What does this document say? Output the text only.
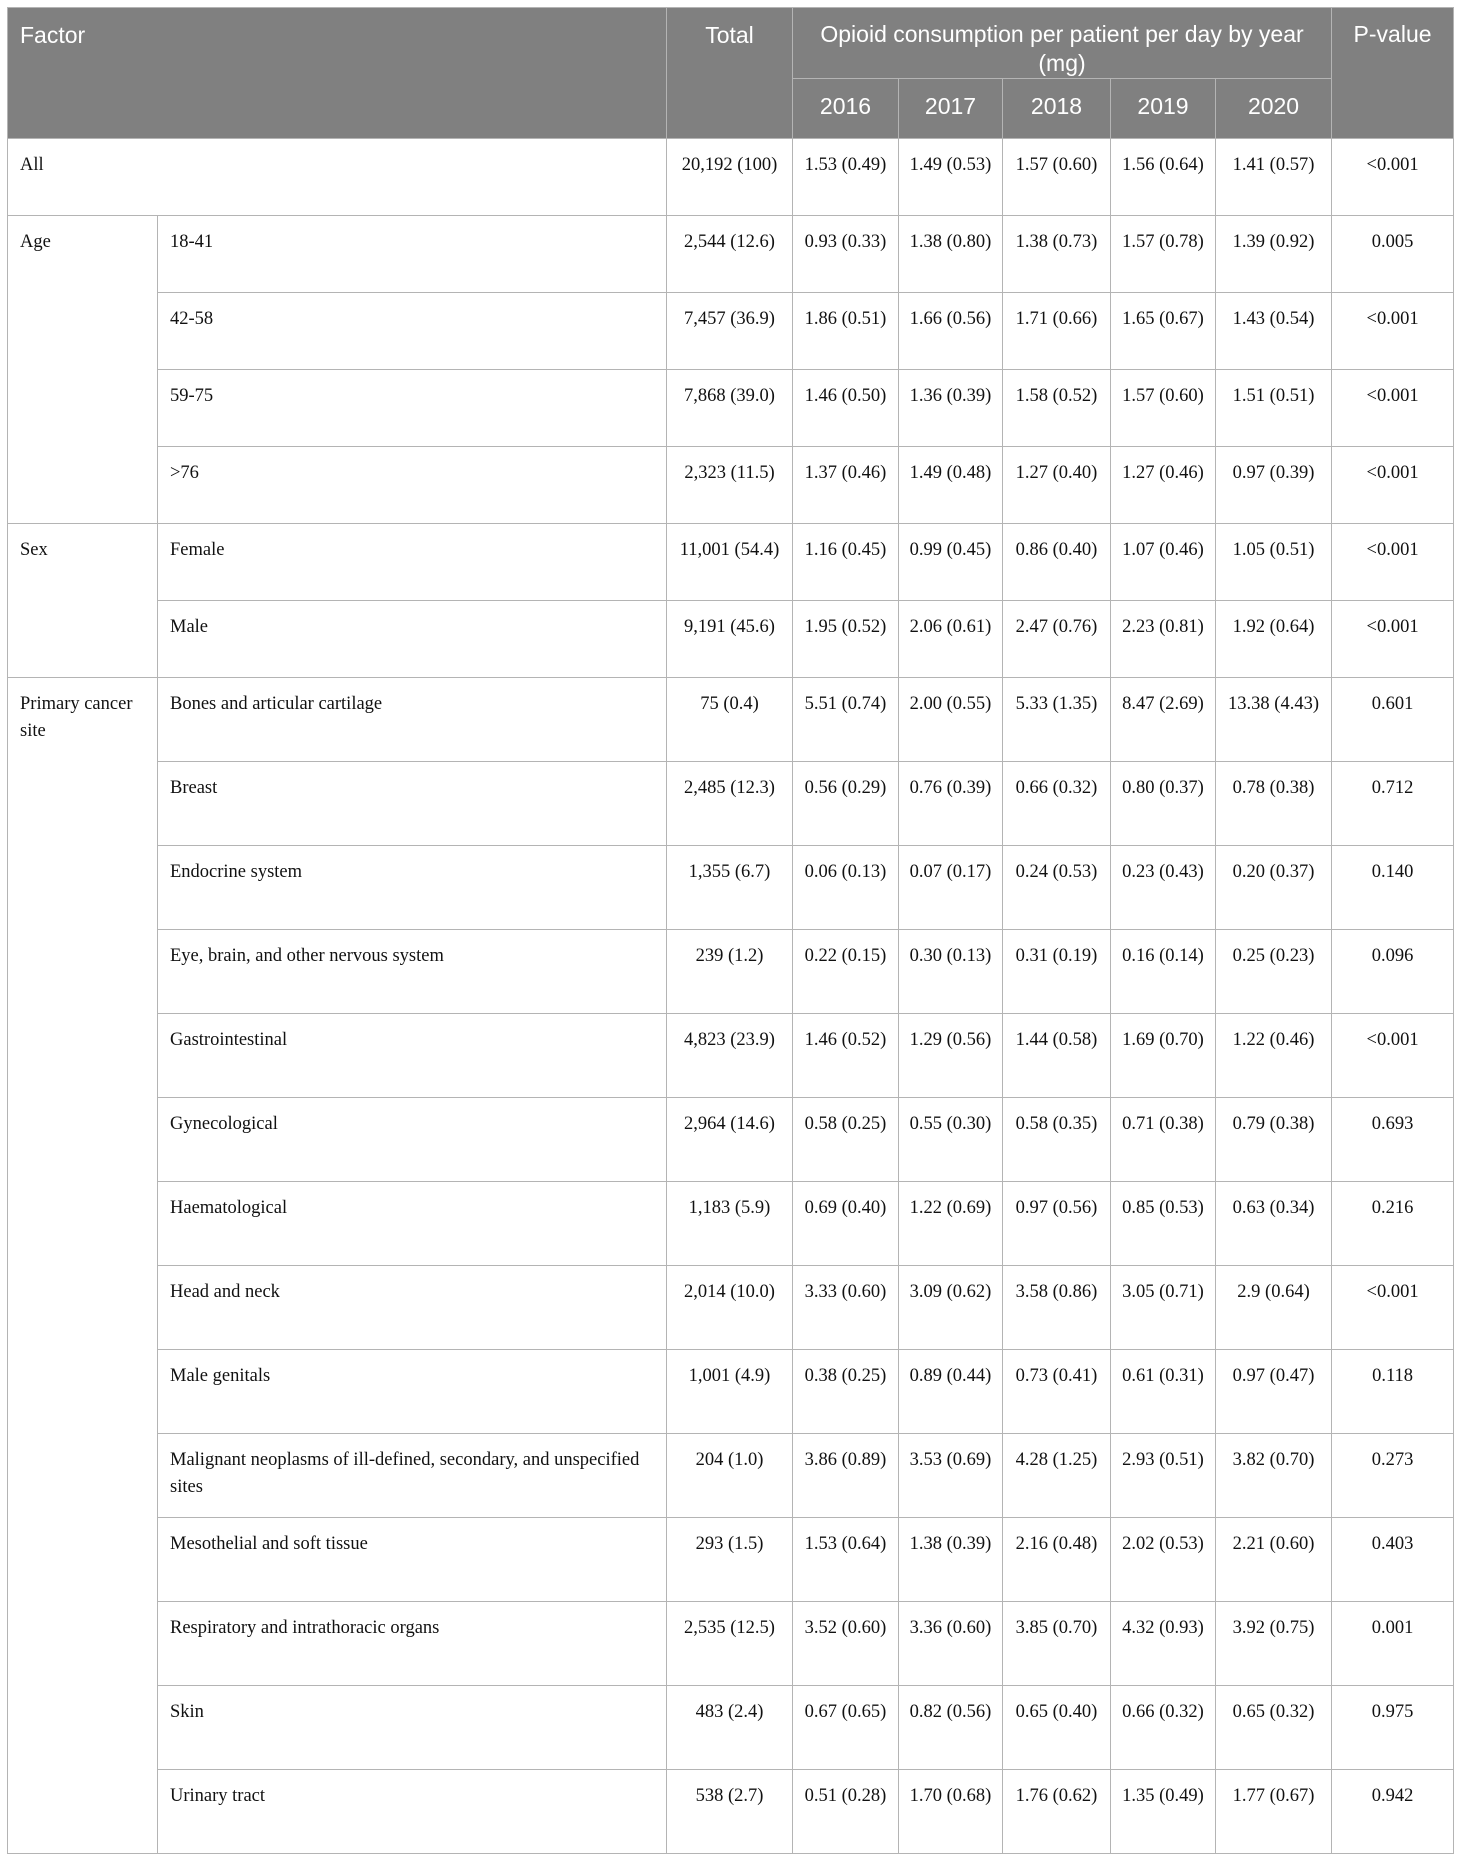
Factor		Total	Opioid consumption per patient per day by year (mg)					P-value
			2016	2017	2018	2019	2020	
All		20,192 (100)	1.53 (0.49)	1.49 (0.53)	1.57 (0.60)	1.56 (0.64)	1.41 (0.57)	<0.001
Age	18-41	2,544 (12.6)	0.93 (0.33)	1.38 (0.80)	1.38 (0.73)	1.57 (0.78)	1.39 (0.92)	0.005
	42-58	7,457 (36.9)	1.86 (0.51)	1.66 (0.56)	1.71 (0.66)	1.65 (0.67)	1.43 (0.54)	<0.001
	59-75	7,868 (39.0)	1.46 (0.50)	1.36 (0.39)	1.58 (0.52)	1.57 (0.60)	1.51 (0.51)	<0.001
	>76	2,323 (11.5)	1.37 (0.46)	1.49 (0.48)	1.27 (0.40)	1.27 (0.46)	0.97 (0.39)	<0.001
Sex	Female	11,001 (54.4)	1.16 (0.45)	0.99 (0.45)	0.86 (0.40)	1.07 (0.46)	1.05 (0.51)	<0.001
	Male	9,191 (45.6)	1.95 (0.52)	2.06 (0.61)	2.47 (0.76)	2.23 (0.81)	1.92 (0.64)	<0.001
Primary cancer site	Bones and articular cartilage	75 (0.4)	5.51 (0.74)	2.00 (0.55)	5.33 (1.35)	8.47 (2.69)	13.38 (4.43)	0.601
	Breast	2,485 (12.3)	0.56 (0.29)	0.76 (0.39)	0.66 (0.32)	0.80 (0.37)	0.78 (0.38)	0.712
	Endocrine system	1,355 (6.7)	0.06 (0.13)	0.07 (0.17)	0.24 (0.53)	0.23 (0.43)	0.20 (0.37)	0.140
	Eye, brain, and other nervous system	239 (1.2)	0.22 (0.15)	0.30 (0.13)	0.31 (0.19)	0.16 (0.14)	0.25 (0.23)	0.096
	Gastrointestinal	4,823 (23.9)	1.46 (0.52)	1.29 (0.56)	1.44 (0.58)	1.69 (0.70)	1.22 (0.46)	<0.001
	Gynecological	2,964 (14.6)	0.58 (0.25)	0.55 (0.30)	0.58 (0.35)	0.71 (0.38)	0.79 (0.38)	0.693
	Haematological	1,183 (5.9)	0.69 (0.40)	1.22 (0.69)	0.97 (0.56)	0.85 (0.53)	0.63 (0.34)	0.216
	Head and neck	2,014 (10.0)	3.33 (0.60)	3.09 (0.62)	3.58 (0.86)	3.05 (0.71)	2.9 (0.64)	<0.001
	Male genitals	1,001 (4.9)	0.38 (0.25)	0.89 (0.44)	0.73 (0.41)	0.61 (0.31)	0.97 (0.47)	0.118
	Malignant neoplasms of ill-defined, secondary, and unspecified sites	204 (1.0)	3.86 (0.89)	3.53 (0.69)	4.28 (1.25)	2.93 (0.51)	3.82 (0.70)	0.273
	Mesothelial and soft tissue	293 (1.5)	1.53 (0.64)	1.38 (0.39)	2.16 (0.48)	2.02 (0.53)	2.21 (0.60)	0.403
	Respiratory and intrathoracic organs	2,535 (12.5)	3.52 (0.60)	3.36 (0.60)	3.85 (0.70)	4.32 (0.93)	3.92 (0.75)	0.001
	Skin	483 (2.4)	0.67 (0.65)	0.82 (0.56)	0.65 (0.40)	0.66 (0.32)	0.65 (0.32)	0.975
	Urinary tract	538 (2.7)	0.51 (0.28)	1.70 (0.68)	1.76 (0.62)	1.35 (0.49)	1.77 (0.67)	0.942
